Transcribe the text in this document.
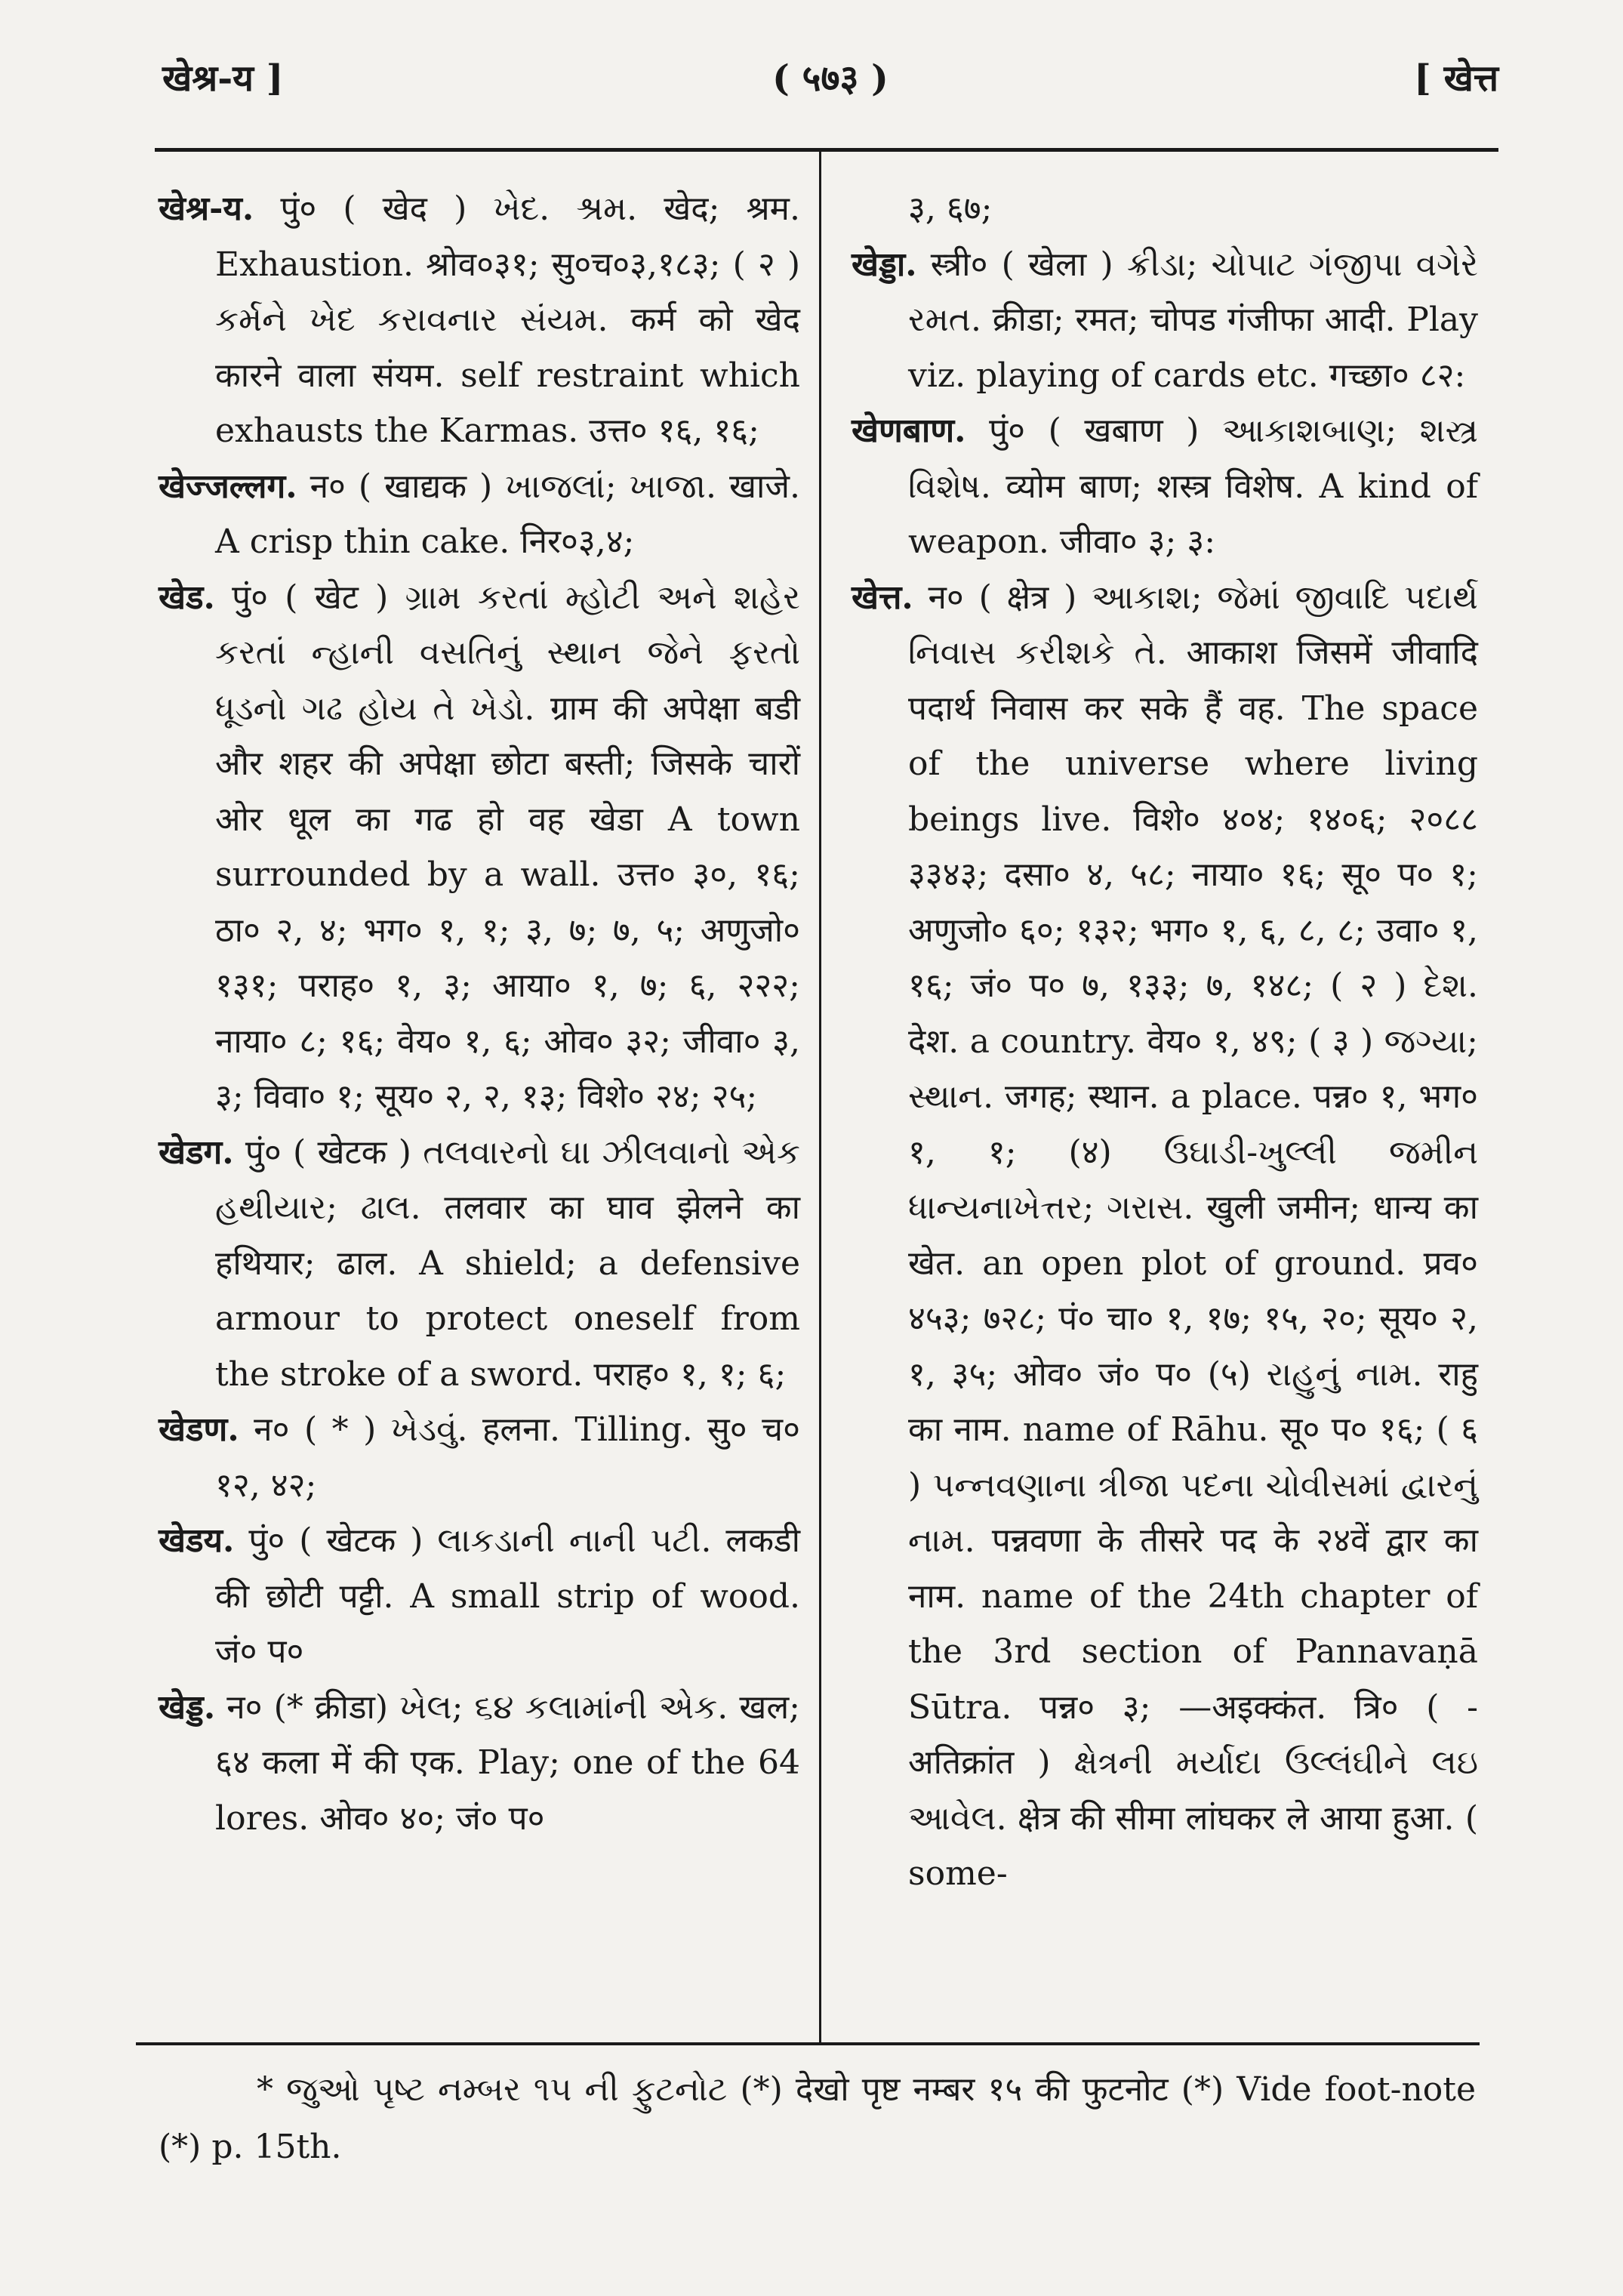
खेश्र-य ]	( ५७३ )	[ खेत्त

खेश्र-य. पुं० ( खेद ) ખેદ. શ્રમ. खेद; श्रम. Exhaustion. श्रोव०३१; सु०च०३,१८३; ( २ ) કર્મને ખેદ કરાવનાર સંયમ. कर्म को खेद कारने वाला संयम. self restraint which exhausts the Karmas. उत्त० १६, १६;

खेज्जल्लग. न० ( खाद्यक ) ખાજલાં; ખાજા. खाजे. A crisp thin cake. निर०३,४;

खेड. पुं० ( खेट ) ગ્રામ કરતાં મ્હોટી અને શહેર કરતાં ન્હાની વસતિનું સ્થાન જેને ફરતો ધૂડનો ગઢ હોય તે ખેડો. ग्राम की अपेक्षा बडी और शहर की अपेक्षा छोटा बस्ती; जिसके चारों ओर धूल का गढ हो वह खेडा A town surrounded by a wall. उत्त० ३०, १६; ठा० २, ४; भग० १, १; ३, ७; ७, ५; अणुजो० १३१; पराह० १, ३; आया० १, ७; ६, २२२; नाया० ८; १६; वेय० १, ६; ओव० ३२; जीवा० ३, ३; विवा० १; सूय० २, २, १३; विशे० २४; २५;

खेडग. पुं० ( खेटक ) તલવારનો ઘા ઝીલવાનો એક હથીયાર; ઢાલ. तलवार का घाव झेलने का हथियार; ढाल. A shield; a defensive armour to protect oneself from the stroke of a sword. पराह० १, १; ६;

खेडण. न० ( * ) ખેડવું. हलना. Tilling. सु० च० १२, ४२;

खेडय. पुं० ( खेटक ) લાકડાની નાની પટી. लकडी की छोटी पट्टी. A small strip of wood. जं० प०

खेड्ड. न० (* क्रीडा) ખેલ; ૬૪ કલામાંની એક. खल; ६४ कला में की एक. Play; one of the 64 lores. ओव० ४०; जं० प०

३, ६७;

खेड्डा. स्त्री० ( खेला ) ક્રીડા; ચોપાટ ગંજીપા વગેરે રમત. क्रीडा; रमत; चोपड गंजीफा आदी. Play viz. playing of cards etc. गच्छा० ८२:

खेणबाण. पुं० ( खबाण ) આકાશબાણ; શસ્ત્ર વિશેષ. व्योम बाण; शस्त्र विशेष. A kind of weapon. जीवा० ३; ३:

खेत्त. न० ( क्षेत्र ) આકાશ; જેમાં જીવાદિ પદાર્થ નિવાસ કરીશકે તે. आकाश जिसमें जीवादि पदार्थ निवास कर सके हैं वह. The space of the universe where living beings live. विशे० ४०४; १४०६; २०८८ ३३४३; दसा० ४, ५८; नाया० १६; सू० प० १; अणुजो० ६०; १३२; भग० १, ६, ८, ८; उवा० १, १६; जं० प० ७, १३३; ७, १४८; ( २ ) દેશ. देश. a country. वेय० १, ४९; ( ३ ) જગ્યા; સ્થાન. जगह; स्थान. a place. पन्न० १, भग० १, १; (४) ઉઘાડી-ખુલ્લી જમીન ધાન્યનાખેત્તર; ગરાસ. खुली जमीन; धान्य का खेत. an open plot of ground. प्रव० ४५३; ७२८; पं० चा० १, १७; १५, २०; सूय० २, १, ३५; ओव० जं० प० (५) રાહુનું નામ. राहु का नाम. name of Rāhu. सू० प० १६; ( ६ ) પન્નવણાના ત્રીજા પદના ચોવીસમાં દ્વારનું નામ. पन्नवणा के तीसरे पद के २४वें द्वार का नाम. name of the 24th chapter of the 3rd section of Pannavaṇā Sūtra. पन्न० ३; —अइक्कंत. त्रि० ( -अतिक्रांत ) ક્ષેત્રની મર્યાદા ઉલ્લંઘીને લઇ આવેલ. क्षेत्र की सीमा लांघकर ले आया हुआ. ( some-

* જુઓ પૃષ્ટ નમ્બર ૧૫ ની ફુટનોટ (*) देखो पृष्ट नम्बर १५ की फुटनोट (*) Vide foot-note (*) p. 15th.
